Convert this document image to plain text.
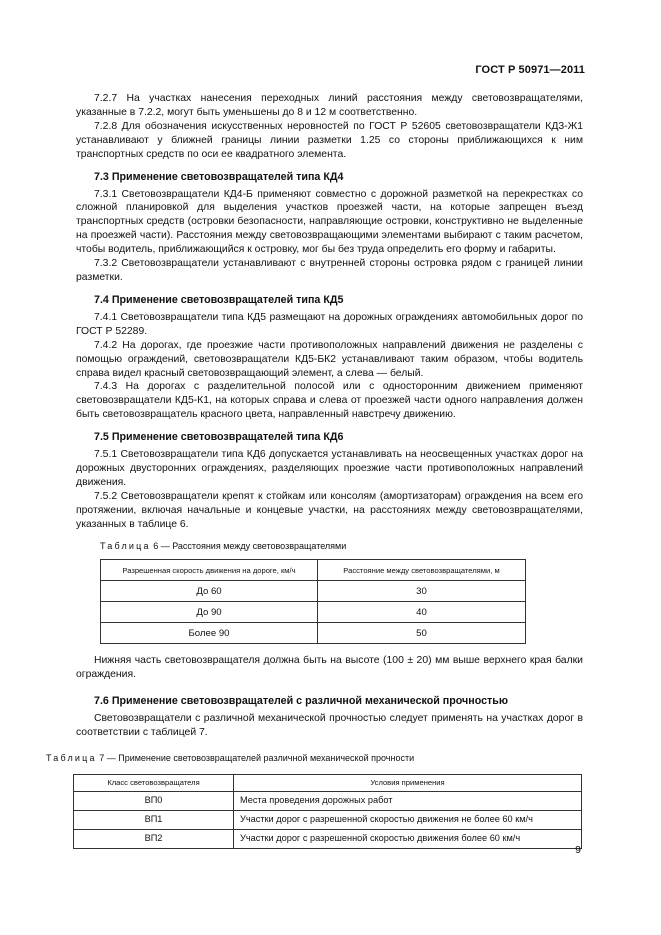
ГОСТ Р 50971—2011

7.2.7 На участках нанесения переходных линий расстояния между световозвращателями, указанные в 7.2.2, могут быть уменьшены до 8 и 12 м соответственно.

7.2.8 Для обозначения искусственных неровностей по ГОСТ Р 52605 световозвращатели КД3-Ж1 устанавливают у ближней границы линии разметки 1.25 со стороны приближающихся к ним транспортных средств по оси ее квадратного элемента.

7.3 Применение световозвращателей типа КД4

7.3.1 Световозвращатели КД4-Б применяют совместно с дорожной разметкой на перекрестках со сложной планировкой для выделения участков проезжей части, на которые запрещен въезд транспортных средств (островки безопасности, направляющие островки, конструктивно не выделенные на проезжей части). Расстояния между световозвращающими элементами выбирают с таким расчетом, чтобы водитель, приближающийся к островку, мог бы без труда определить его форму и габариты.

7.3.2 Световозвращатели устанавливают с внутренней стороны островка рядом с границей линии разметки.

7.4 Применение световозвращателей типа КД5

7.4.1 Световозвращатели типа КД5 размещают на дорожных ограждениях автомобильных дорог по ГОСТ Р 52289.

7.4.2 На дорогах, где проезжие части противоположных направлений движения не разделены с помощью ограждений, световозвращатели КД5-БК2 устанавливают таким образом, чтобы водитель справа видел красный световозвращающий элемент, а слева — белый.

7.4.3 На дорогах с разделительной полосой или с односторонним движением применяют световозвращатели КД5-К1, на которых справа и слева от проезжей части одного направления должен быть световозвращатель красного цвета, направленный навстречу движению.

7.5 Применение световозвращателей типа КД6

7.5.1 Световозвращатели типа КД6 допускается устанавливать на неосвещенных участках дорог на дорожных двусторонних ограждениях, разделяющих проезжие части противоположных направлений движения.

7.5.2 Световозвращатели крепят к стойкам или консолям (амортизаторам) ограждения на всем его протяжении, включая начальные и концевые участки, на расстояниях между световозвращателями, указанных в таблице 6.

Таблица 6 — Расстояния между световозвращателями

Разрешенная скорость движения на дороге, км/ч	Расстояние между световозвращателями, м
До 60	30
До 90	40
Более 90	50

Нижняя часть световозвращателя должна быть на высоте (100 ± 20) мм выше верхнего края балки ограждения.

7.6 Применение световозвращателей с различной механической прочностью

Световозвращатели с различной механической прочностью следует применять на участках дорог в соответствии с таблицей 7.

Таблица 7 — Применение световозвращателей различной механической прочности

Класс световозвращателя	Условия применения
ВП0	Места проведения дорожных работ
ВП1	Участки дорог с разрешенной скоростью движения не более 60 км/ч
ВП2	Участки дорог с разрешенной скоростью движения более 60 км/ч
9
